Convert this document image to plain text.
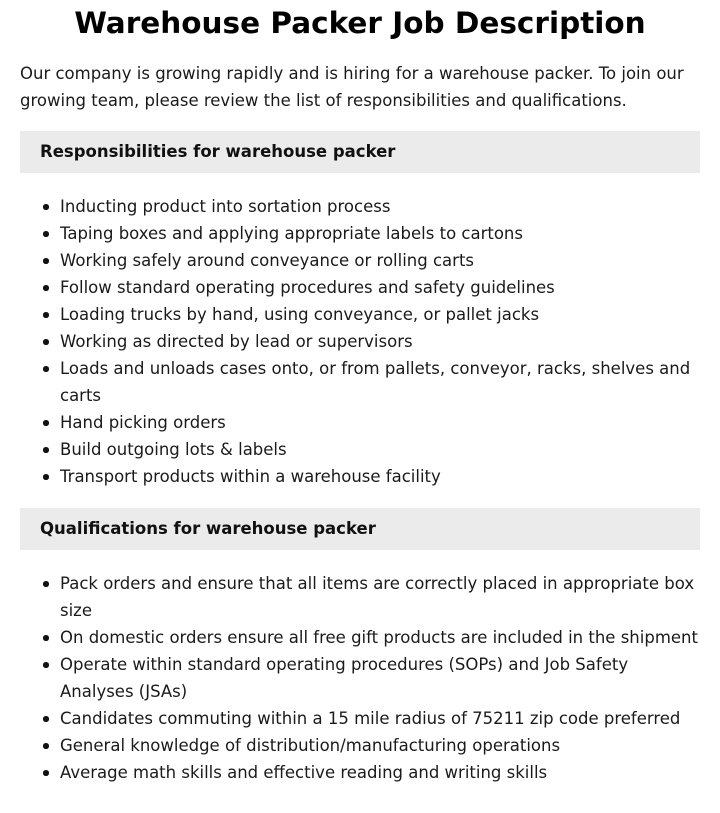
Warehouse Packer Job Description

Our company is growing rapidly and is hiring for a warehouse packer. To join our growing team, please review the list of responsibilities and qualifications.

Responsibilities for warehouse packer
Inducting product into sortation process
Taping boxes and applying appropriate labels to cartons
Working safely around conveyance or rolling carts
Follow standard operating procedures and safety guidelines
Loading trucks by hand, using conveyance, or pallet jacks
Working as directed by lead or supervisors
Loads and unloads cases onto, or from pallets, conveyor, racks, shelves and carts
Hand picking orders
Build outgoing lots & labels
Transport products within a warehouse facility
Qualifications for warehouse packer
Pack orders and ensure that all items are correctly placed in appropriate box size
On domestic orders ensure all free gift products are included in the shipment
Operate within standard operating procedures (SOPs) and Job Safety Analyses (JSAs)
Candidates commuting within a 15 mile radius of 75211 zip code preferred
General knowledge of distribution/manufacturing operations
Average math skills and effective reading and writing skills
